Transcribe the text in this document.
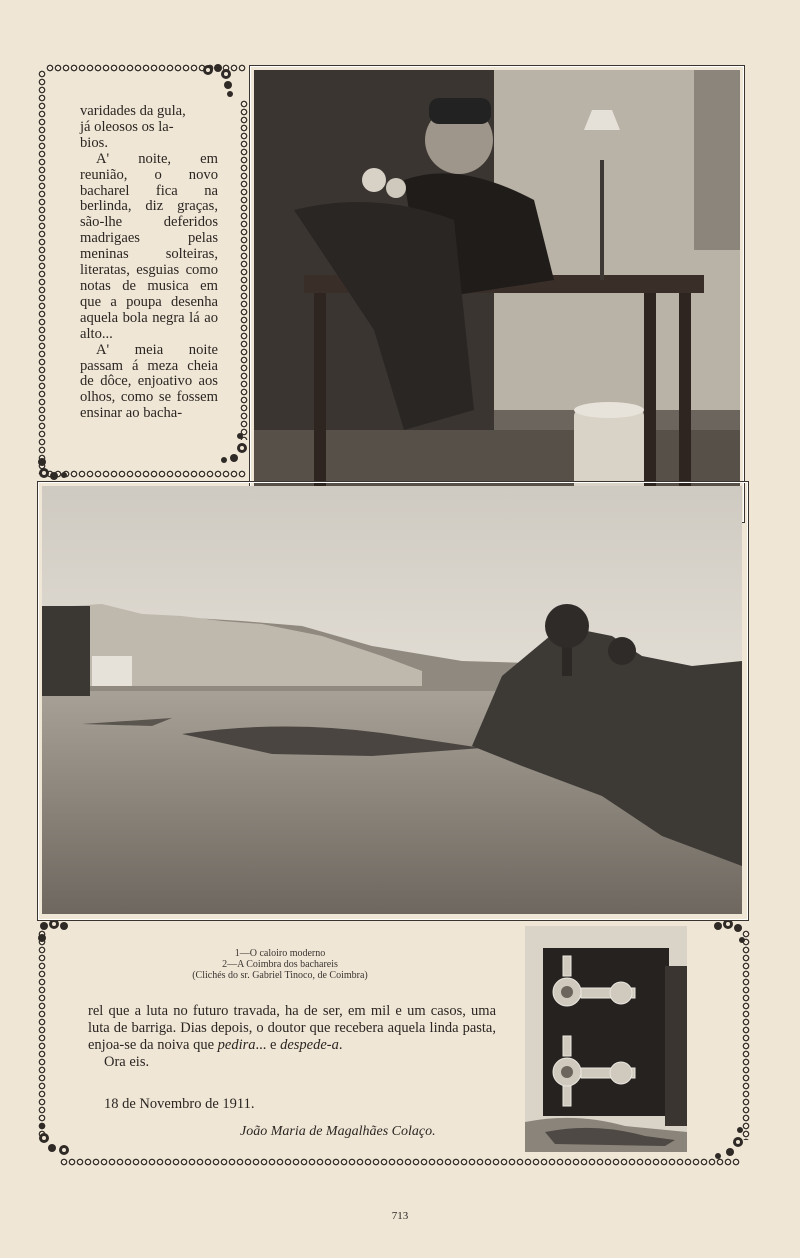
varidades da gula,

já oleosos os la-

bios.

A' noite, em reunião, o novo bacharel fica na berlinda, diz graças, são-lhe deferidos madrigaes pelas meninas solteiras, literatas, esguias como notas de musica em que a poupa desenha aquela bola negra lá ao alto...

A' meia noite passam á meza cheia de dôce, enjoativo aos olhos, como se fossem ensinar ao bacha-

1—O caloiro moderno
2—A Coimbra dos bachareis
(Clichés do sr. Gabriel Tinoco, de Coimbra)

rel que a luta no futuro travada, ha de ser, em mil e um casos, uma luta de barriga. Dias depois, o doutor que recebera aquela linda pasta, enjoa-se da noiva que pedira... e despede-a.

Ora eis.

18 de Novembro de 1911.
João Maria de Magalhães Colaço.
713
